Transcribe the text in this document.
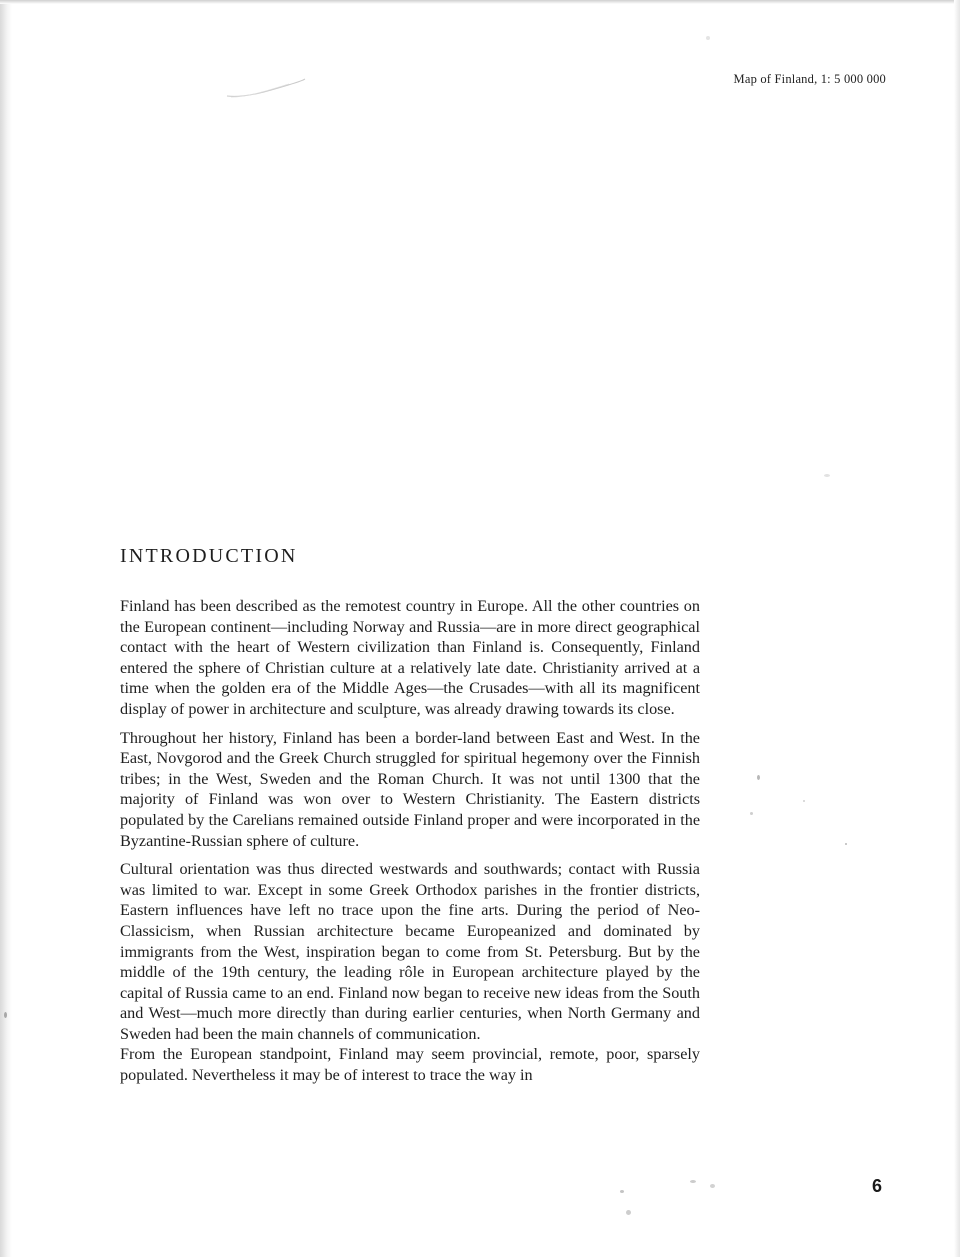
Map of Finland, 1: 5 000 000
INTRODUCTION

Finland has been described as the remotest country in Europe. All the other countries on the European continent—including Norway and Russia—are in more direct geographical contact with the heart of Western civilization than Finland is. Consequently, Finland entered the sphere of Christian culture at a relatively late date. Christianity arrived at a time when the golden era of the Middle Ages—the Crusades—with all its magnificent display of power in architecture and sculpture, was already drawing towards its close.

Throughout her history, Finland has been a border-land between East and West. In the East, Novgorod and the Greek Church struggled for spiritual hegemony over the Finnish tribes; in the West, Sweden and the Roman Church. It was not until 1300 that the majority of Finland was won over to Western Christianity. The Eastern districts populated by the Carelians remained outside Finland proper and were incorporated in the Byzantine-Russian sphere of culture.

Cultural orientation was thus directed westwards and southwards; contact with Russia was limited to war. Except in some Greek Orthodox parishes in the frontier districts, Eastern influences have left no trace upon the fine arts. During the period of Neo-Classicism, when Russian architecture became Europeanized and dominated by immigrants from the West, inspiration began to come from St. Petersburg. But by the middle of the 19th century, the leading rôle in European architecture played by the capital of Russia came to an end. Finland now began to receive new ideas from the South and West—much more directly than during earlier centuries, when North Germany and Sweden had been the main channels of communication.

From the European standpoint, Finland may seem provincial, remote, poor, sparsely populated. Nevertheless it may be of interest to trace the way in

6
